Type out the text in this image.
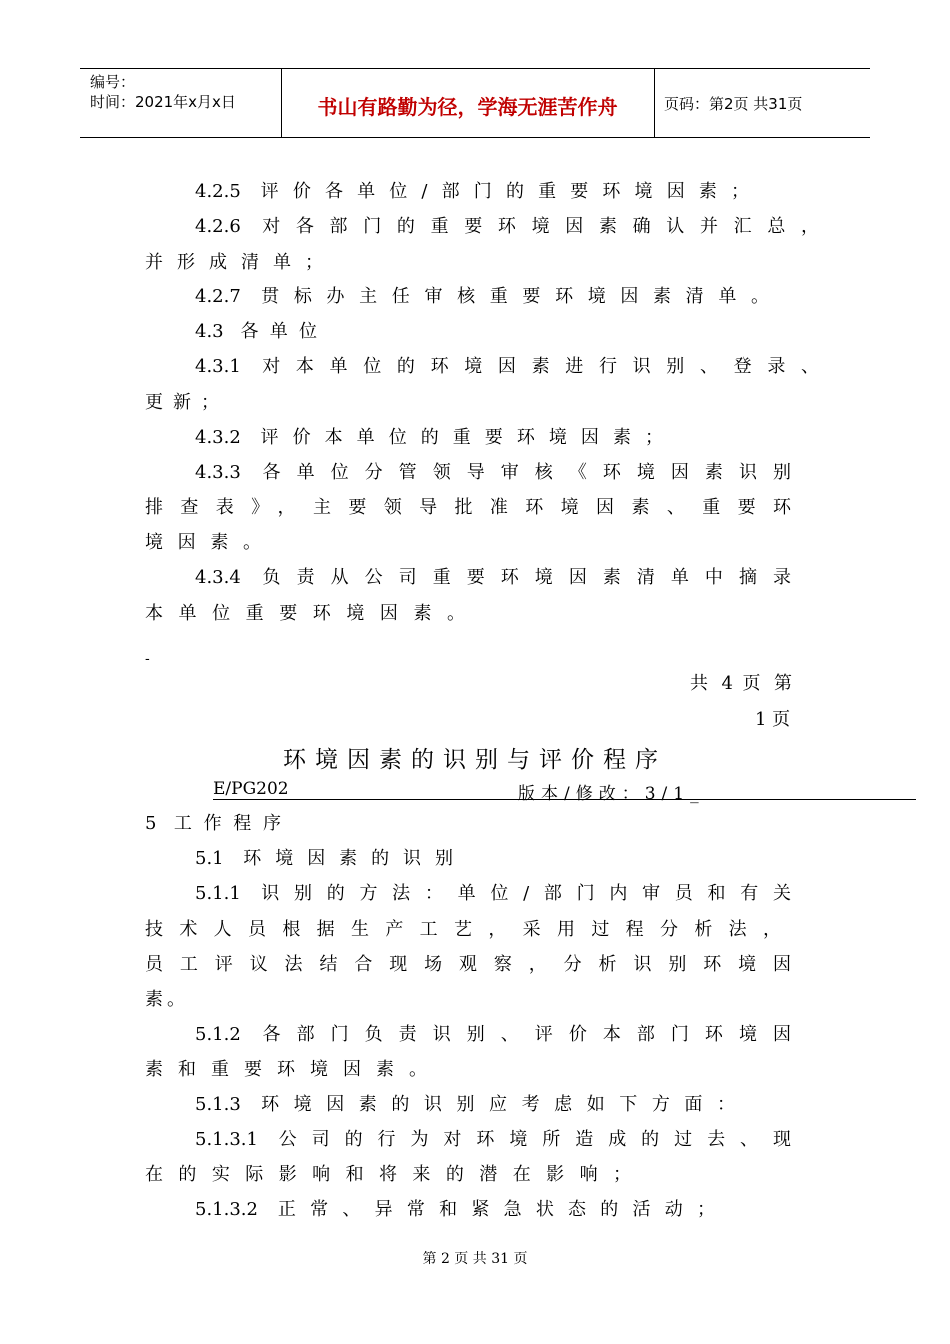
编号：
时间：2021年x月x日	书山有路勤为径，学海无涯苦作舟	页码：第2页 共31页
4.2.5 评价各单位/部门的重要环境因素；
4.2.6 对各部门的重要环境因素确认并汇总，
并形成清单；
4.2.7 贯标办主任审核重要环境因素清单。
4.3 各单位
4.3.1 对本单位的环境因素进行识别、登录、
更新；
4.3.2 评价本单位的重要环境因素；
4.3.3 各单位分管领导审核《环境因素识别
排查表》，主要领导批准环境因素、重要环
境因素。
4.3.4 负责从公司重要环境因素清单中摘录
本单位重要环境因素。
-
共 4 页 第
1 页
环境因素的识别与评价程序
E/PG202	版本/修改：3/1_
5 工作程序
5.1 环境因素的识别
5.1.1 识别的方法：单位/部门内审员和有关
技术人员根据生产工艺，采用过程分析法，
员工评议法结合现场观察，分析识别环境因
素。
5.1.2 各部门负责识别、评价本部门环境因
素和重要环境因素。
5.1.3 环境因素的识别应考虑如下方面：
5.1.3.1 公司的行为对环境所造成的过去、现
在的实际影响和将来的潜在影响；
5.1.3.2 正常、异常和紧急状态的活动；
第 2 页 共 31 页
